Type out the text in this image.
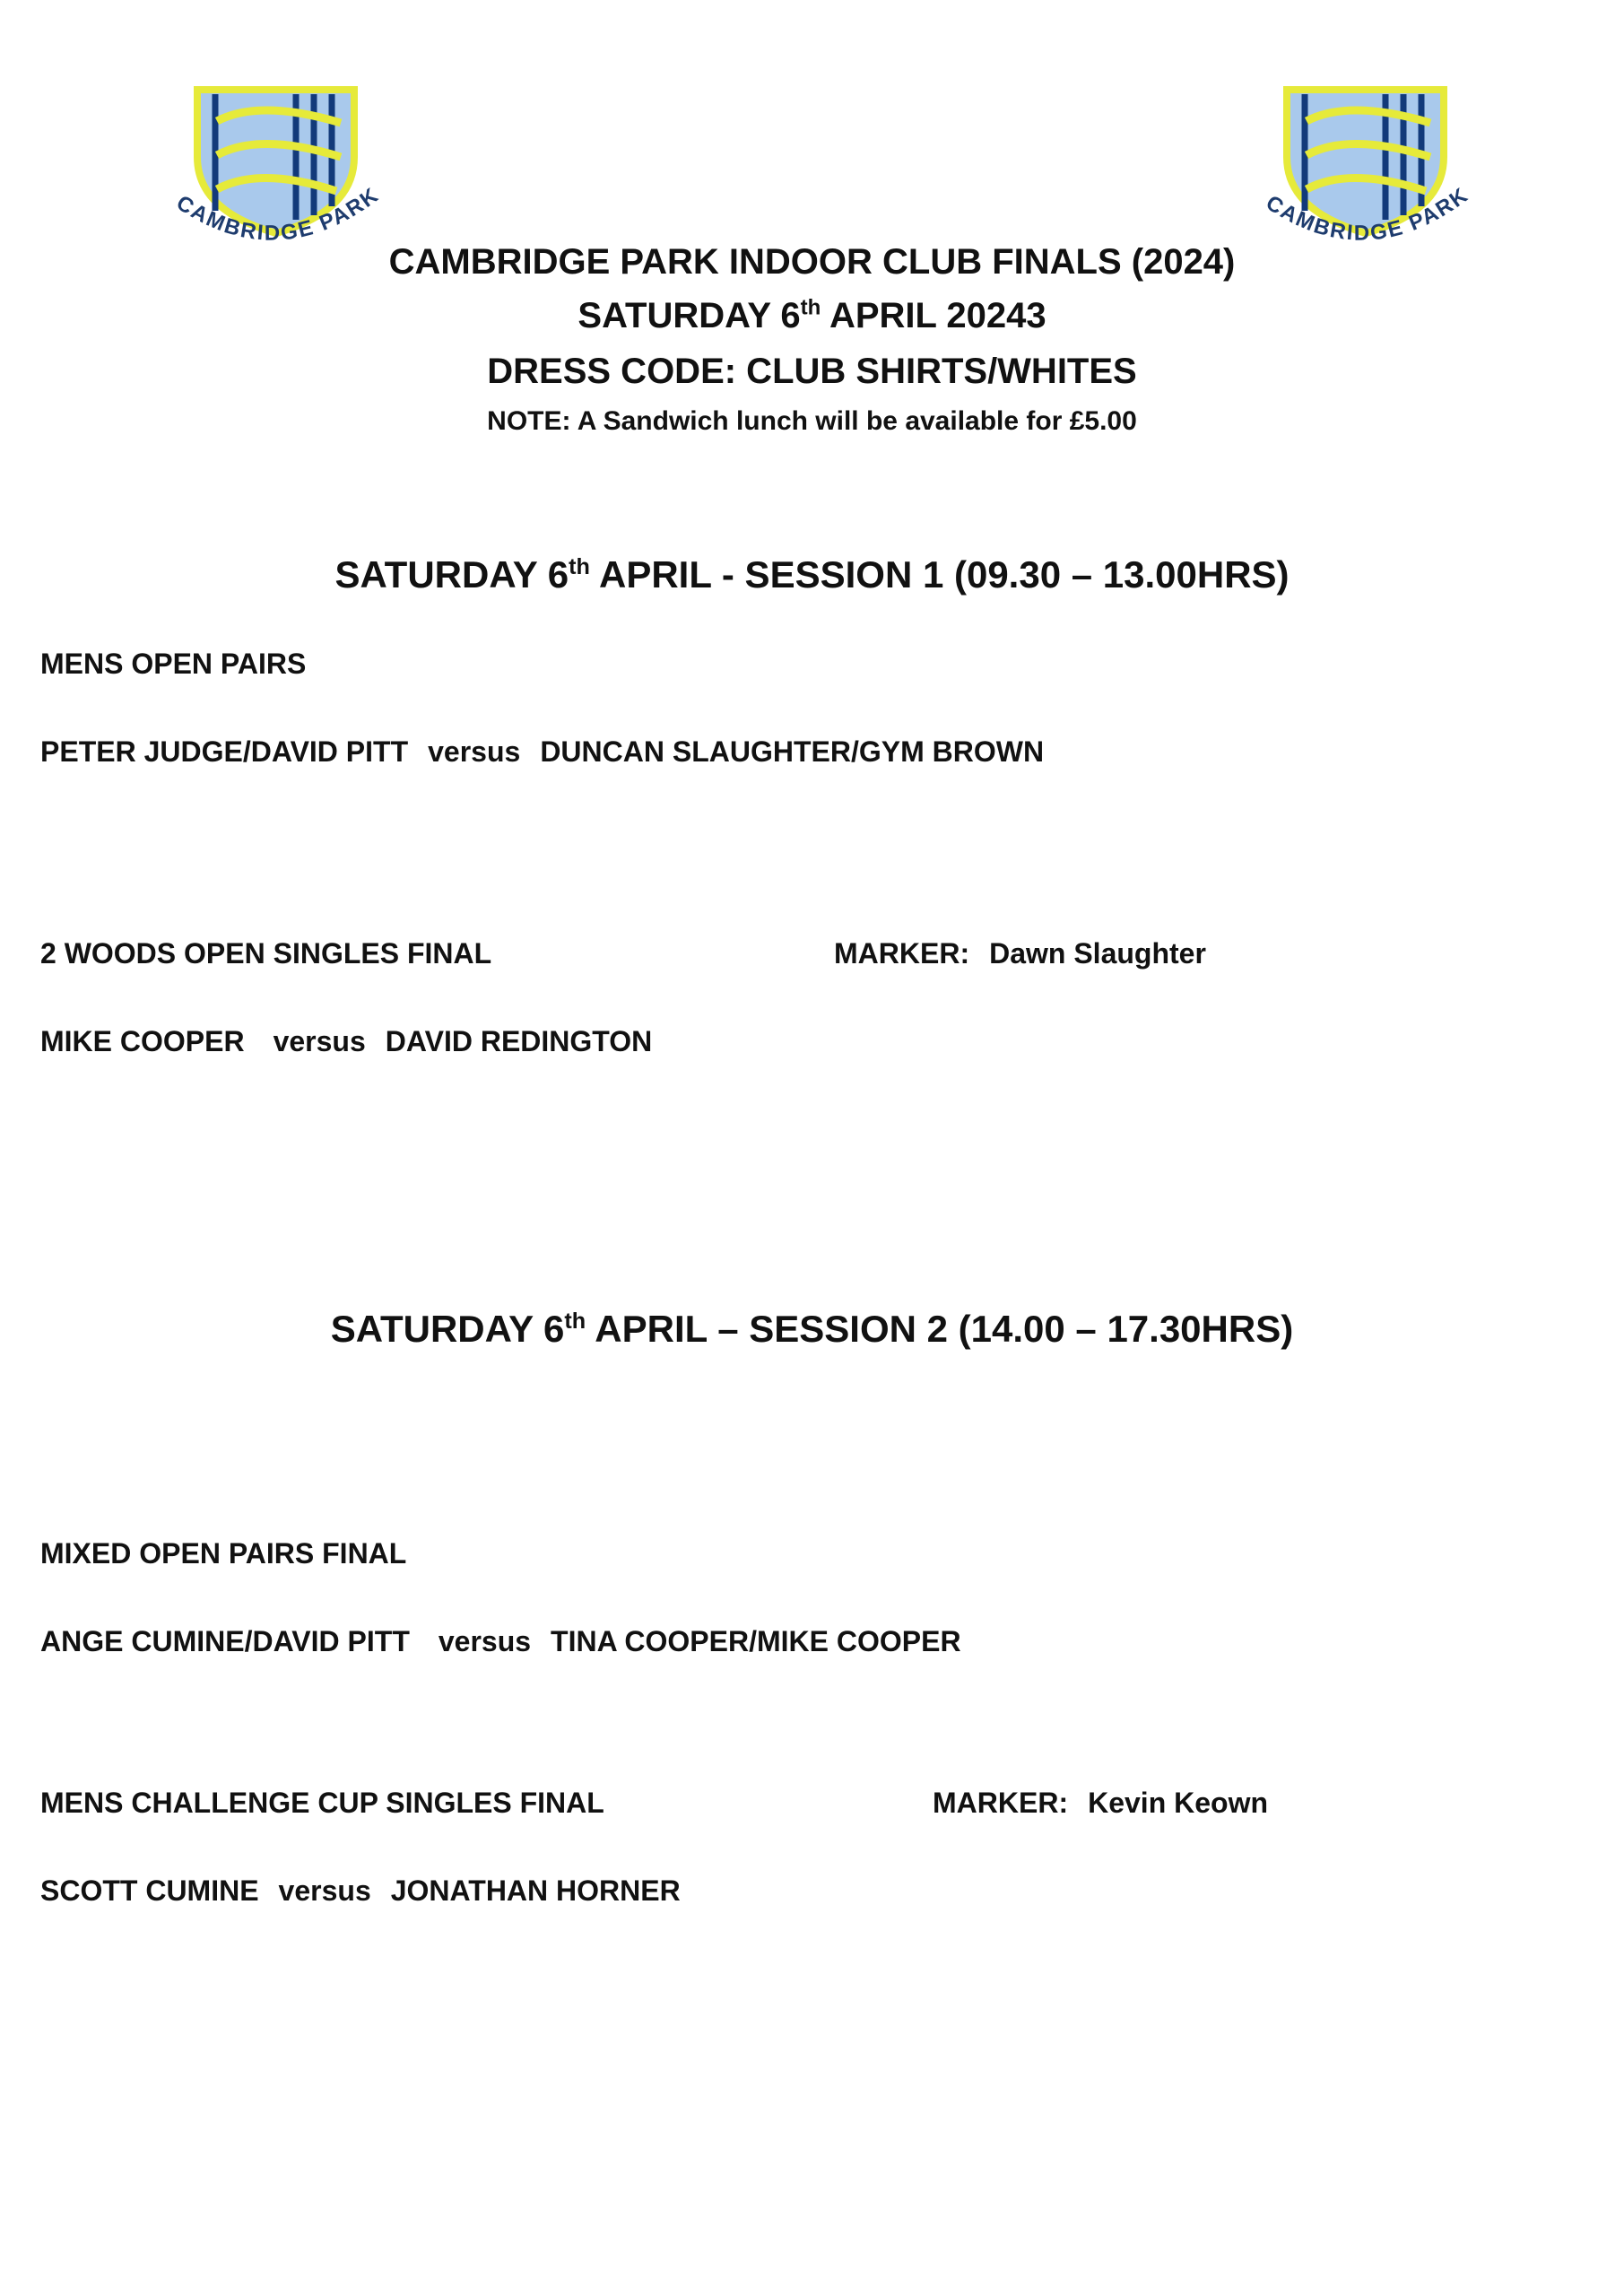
CAMBRIDGE PARK	CAMBRIDGE PARK
CAMBRIDGE PARK INDOOR CLUB FINALS (2024)
SATURDAY 6th APRIL 20243
DRESS CODE: CLUB SHIRTS/WHITES
NOTE: A Sandwich lunch will be available for £5.00
SATURDAY 6th APRIL - SESSION 1 (09.30 – 13.00HRS)
MENS OPEN PAIRS
PETER JUDGE/DAVID PITT versus DUNCAN SLAUGHTER/GYM BROWN
2 WOODS OPEN SINGLES FINAL	MARKER: Dawn Slaughter
MIKE COOPER versus DAVID REDINGTON
SATURDAY 6th APRIL – SESSION 2 (14.00 – 17.30HRS)
MIXED OPEN PAIRS FINAL
ANGE CUMINE/DAVID PITT versus TINA COOPER/MIKE COOPER
MENS CHALLENGE CUP SINGLES FINAL	MARKER: Kevin Keown
SCOTT CUMINE versus JONATHAN HORNER
